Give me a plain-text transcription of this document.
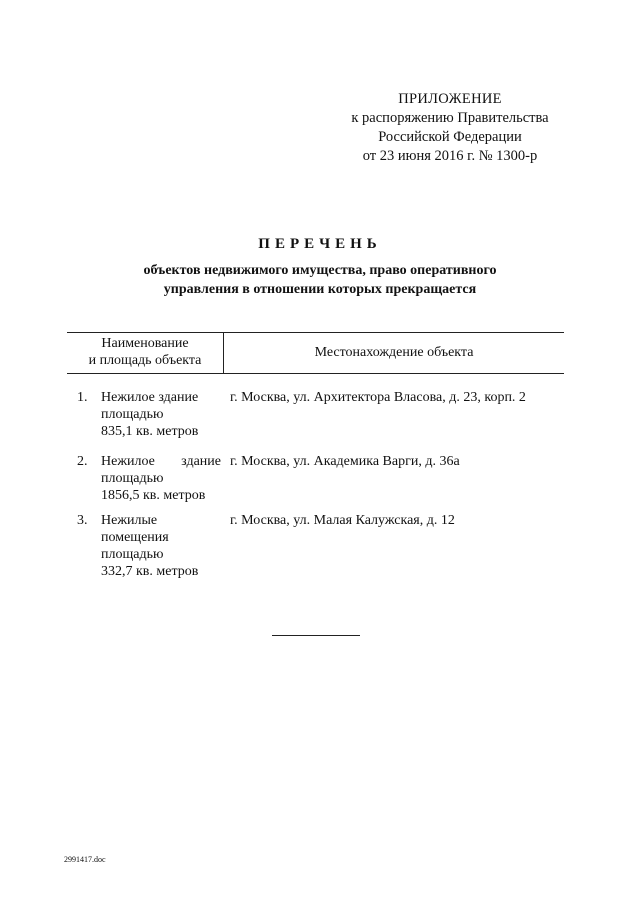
ПРИЛОЖЕНИЕ
к распоряжению Правительства
Российской Федерации
от 23 июня 2016 г. № 1300-р
ПЕРЕЧЕНЬ
объектов недвижимого имущества, право оперативного
управления в отношении которых прекращается
Наименование
и площадь объекта
Местонахождение объекта
1. Нежилое здание
площадью
835,1 кв. метров
г. Москва, ул. Архитектора Власова, д. 23, корп. 2
2. Нежилое здание
площадью
1856,5 кв. метров
г. Москва, ул. Академика Варги, д. 36а
3. Нежилые
помещения
площадью
332,7 кв. метров
г. Москва, ул. Малая Калужская, д. 12
2991417.doc
